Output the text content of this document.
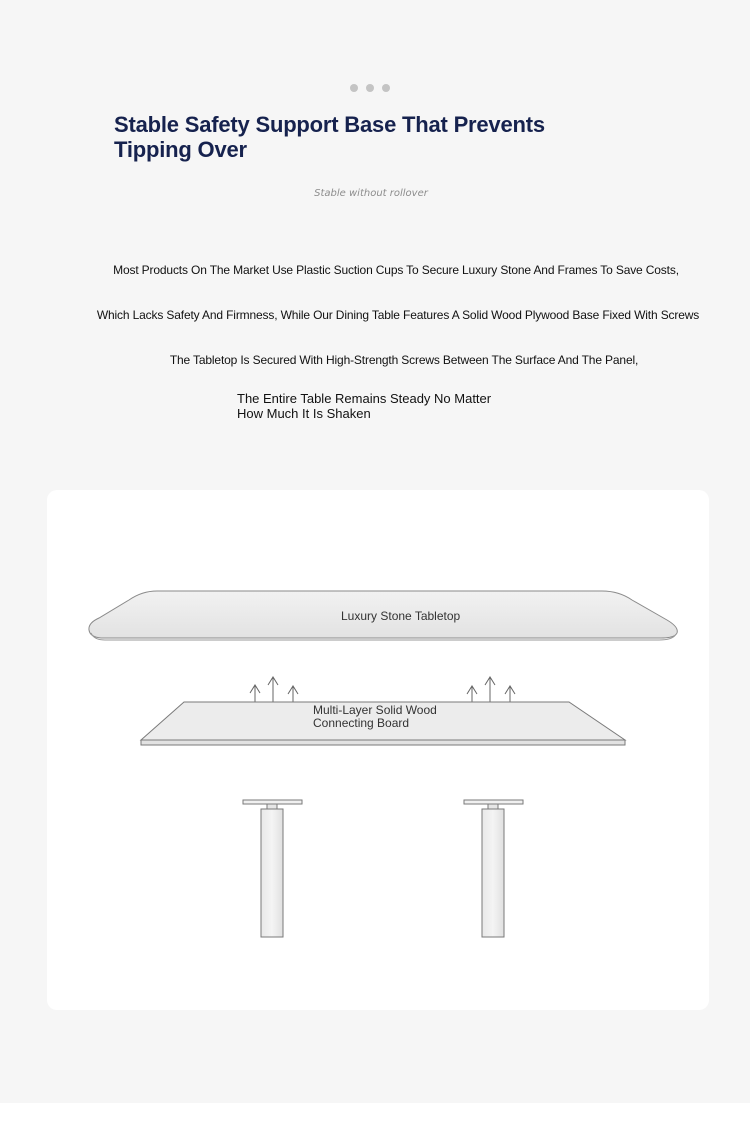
Stable Safety Support Base That Prevents Tipping Over
Stable without rollover
Most Products On The Market Use Plastic Suction Cups To Secure Luxury Stone And Frames To Save Costs,
Which Lacks Safety And Firmness, While Our Dining Table Features A Solid Wood Plywood Base Fixed With Screws
The Tabletop Is Secured With High-Strength Screws Between The Surface And The Panel,
The Entire Table Remains Steady No Matter
How Much It Is Shaken
Luxury Stone Tabletop
Multi-Layer Solid Wood
Connecting Board
